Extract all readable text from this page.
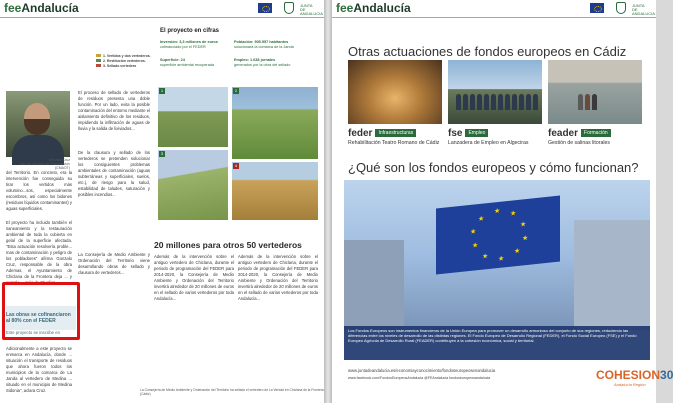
feeAndalucía	JUNTA DE ANDALUCIA
El proyecto en cifras
Inversión: 3,3 millones de euros
cofinanciado por el FEDER
Población: 905.557 habitantes
solucionará la comarca de la Janda
Superficie: 24
superficie ambiental recuperada
Empleo: 1.638 jornales
generados por la obra del sellado
1. Vertidos y dos vertederos.
2. Restitución vertederos.
3. Sellado vertedero
Gonzalo Cruz
Jefe de Servicio de Planificación (CMAOT)
del Territorio. En concreto, era la intervención fue conseguida su tirar los vertidos más volumino...sos, especialmente escombros, así como los bidones (residuos líquidos contaminantes) y aguas superficiales.
El proyecto ha incluido también el saneamiento y la restauración ambiental de toda la cubierta en gelal de la superficie afectada. "Esta actuación resolvería proble... mas de contaminación y peligro de los pobladores" afirma Gonzalo Cruz, responsable de la obra Ademas, el Ayuntamiento de Chiclana de la Frontera deja ... y cumple ... más de 30 años.
Las obras se cofinanciaron al 80% con el FEDER
Este proyecto se inscribe en
Adicionalmente a este proyecto se enmarca en Andalucía, donde ... situación el transporte de residuos que ahora fueron todos los municipios de la comarca de La Janda al vertedero de Medina ... situado en el municipio de Medina Sidonia", aclara Cruz.
El proceso de sellado de vertederos de residuos presenta una doble función. Por un lado, evita la posible contaminación del entorno mediante el aislamiento definitivo de los residuos, impidiendo la infiltración de aguas de lluvia y la salida de lixiviados...
De la clausura y sellado de los vertederos se pretenden solucionar los consiguientes problemas ambientales de contaminación (aguas subterráneas y superficiales, suelos, etc.), de riesgo para la salud, estabilidad de taludes, saturación y posibles incendios...
La Consejería de Medio Ambiente y Ordenación del Territorio viene desarrollando obras de sellado y clausura de vertederos...
1	2
3
4
20 millones para otros 50 vertederos
Además de la intervención sobre el antiguo vertedero de Chiclana, durante el periodo de programación del FEDER para 2014-2020, la Consejería de Medio Ambiente y Ordenación del Territorio invertirá alrededor de 20 millones de euros en el sellado de varios vertederos por toda Andalucía...
Además de la intervención sobre el antiguo vertedero de Chiclana, durante el periodo de programación del FEDER para 2014-2020, la Consejería de Medio Ambiente y Ordenación del Territorio invertirá alrededor de 20 millones de euros en el sellado de varios vertederos por toda Andalucía...
La Consejería de Medio Ambiente y Ordenación del Territorio ha sellado el vertedero de La Verdad en Chiclana de la Frontera (Cádiz)
feeAndalucía	JUNTA DE ANDALUCIA
Otras actuaciones de fondos europeos en Cádiz
feder Infraestructuras	fse Empleo	feader Formación
Rehabilitación Teatro Romano de Cádiz Lanzadera de Empleo en Algeciras	Gestión de salinas litorales
¿Qué son los fondos europeos y cómo funcionan?
★ ★
★
★
★
★
★
★
★
★
Los Fondos Europeos son instrumentos financieros de la Unión Europea para promover un desarrollo armonioso del conjunto de sus regiones, reduciendo las diferencias entre los niveles de desarrollo de las distintas regiones. El Fondo Europeo de Desarrollo Regional (FEDER), el Fondo Social Europeo (FSE) y el Fondo Europeo Agrícola de Desarrollo Rural (FEADER) contribuyen a la cohesión económica, social y territorial.
www.juntadeandalucia.es/economiayconocimiento/fondoseuropeosenandalucia
www.facebook.com/FondosEuropeosAndalucia @FEAndalucia fondoseuropeosandalucia	COHESION30
Andalucía Región
